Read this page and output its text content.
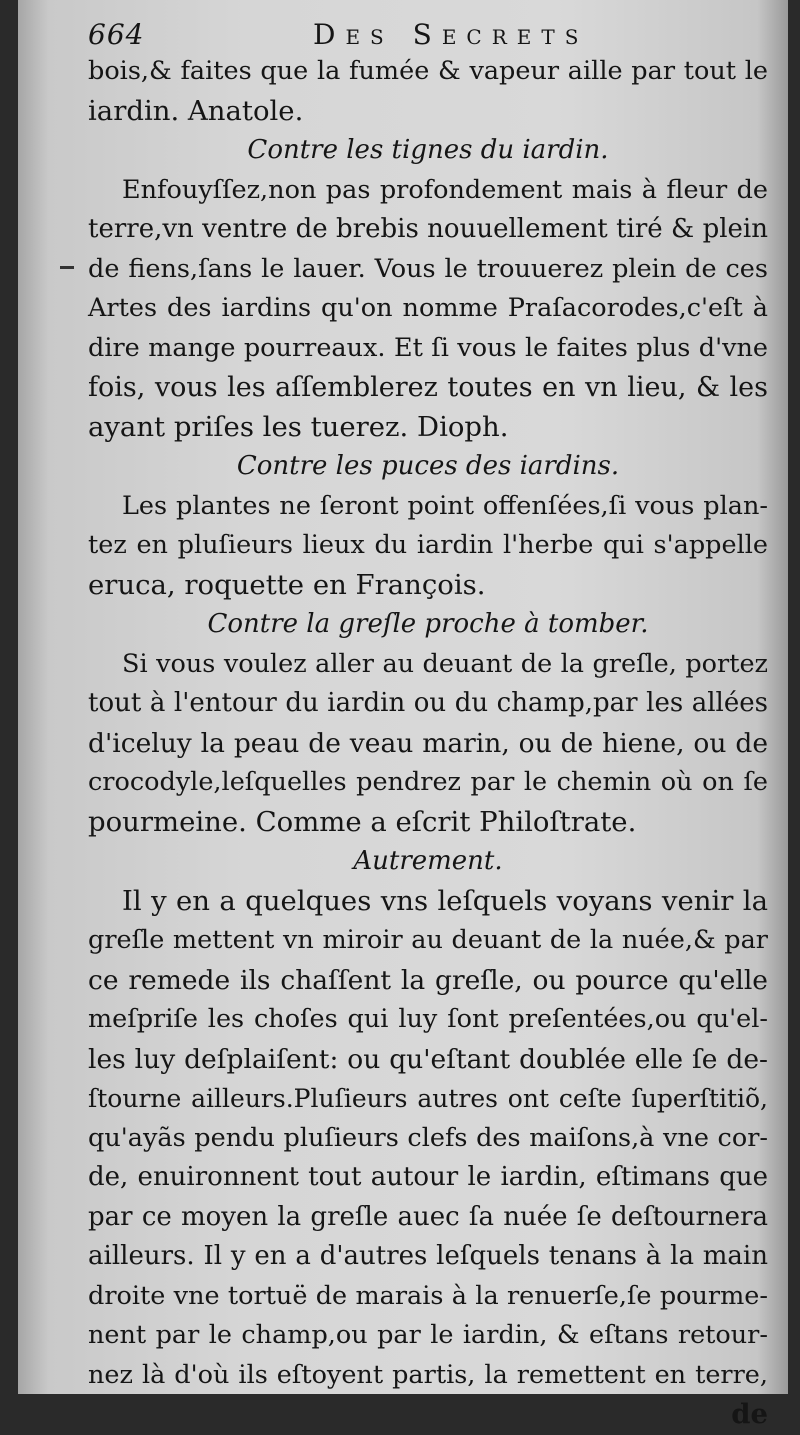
664	Des Secrets
bois,& faites que la fumée & vapeur aille par tout le
iardin. Anatole.
Contre les tignes du iardin.
Enfouyſſez,non pas profondement mais à fleur de
terre,vn ventre de brebis nouuellement tiré & plein
de fiens,ſans le lauer. Vous le trouuerez plein de ces
Artes des iardins qu'on nomme Praſacorodes,c'eſt à
dire mange pourreaux. Et ſi vous le faites plus d'vne
fois, vous les aſſemblerez toutes en vn lieu, & les
ayant priſes les tuerez. Dioph.
Contre les puces des iardins.
Les plantes ne ſeront point offenſées,ſi vous plan-
tez en pluſieurs lieux du iardin l'herbe qui s'appelle
eruca, roquette en François.
Contre la greſle proche à tomber.
Si vous voulez aller au deuant de la greſle, portez
tout à l'entour du iardin ou du champ,par les allées
d'iceluy la peau de veau marin, ou de hiene, ou de
crocodyle,leſquelles pendrez par le chemin où on ſe
pourmeine. Comme a eſcrit Philoſtrate.
Autrement.
Il y en a quelques vns leſquels voyans venir la
greſle mettent vn miroir au deuant de la nuée,& par
ce remede ils chaſſent la greſle, ou pource qu'elle
meſpriſe les choſes qui luy ſont preſentées,ou qu'el-
les luy deſplaiſent: ou qu'eſtant doublée elle ſe de-
ſtourne ailleurs.Pluſieurs autres ont ceſte ſuperſtitiõ,
qu'ayãs pendu pluſieurs clefs des maiſons,à vne cor-
de, enuironnent tout autour le iardin, eſtimans que
par ce moyen la greſle auec ſa nuée ſe deſtournera
ailleurs. Il y en a d'autres leſquels tenans à la main
droite vne tortuë de marais à la renuerſe,ſe pourme-
nent par le champ,ou par le iardin, & eſtans retour-
nez là d'où ils eſtoyent partis, la remettent en terre,
de
